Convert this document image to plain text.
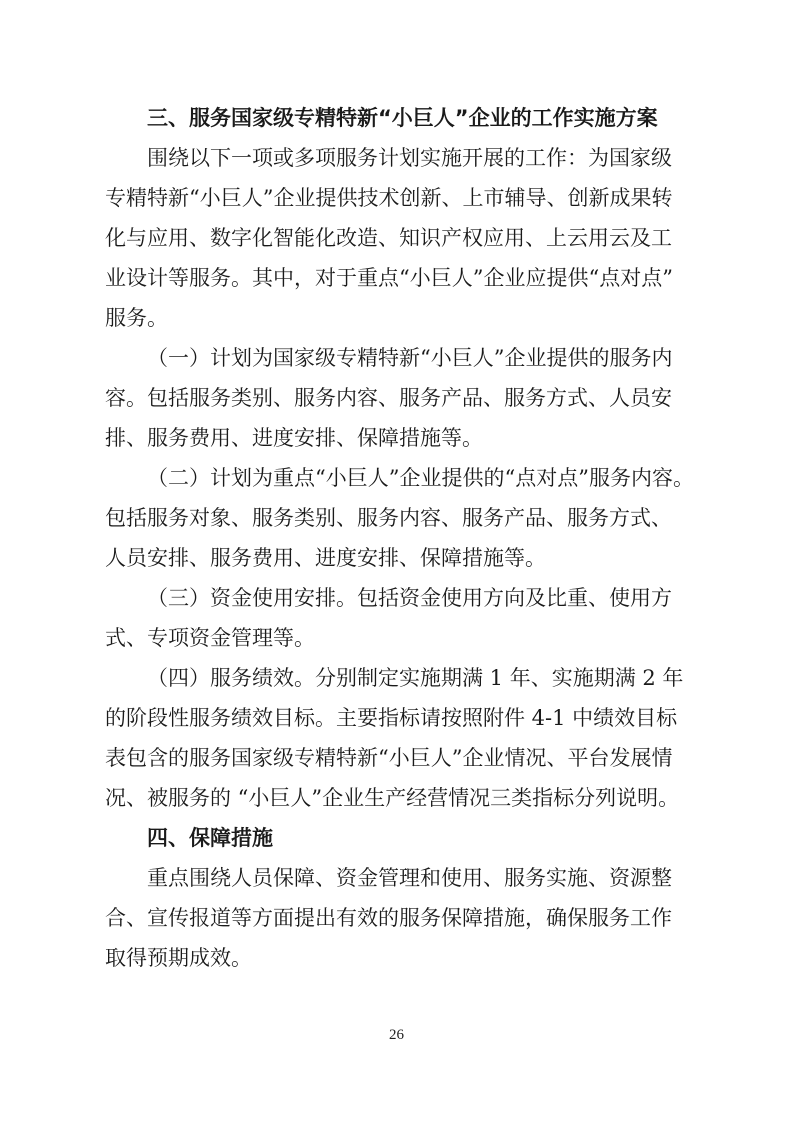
三、服务国家级专精特新“小巨人”企业的工作实施方案
围绕以下一项或多项服务计划实施开展的工作：为国家级
专精特新“小巨人”企业提供技术创新、上市辅导、创新成果转
化与应用、数字化智能化改造、知识产权应用、上云用云及工
业设计等服务。其中，对于重点“小巨人”企业应提供“点对点”
服务。
（一）计划为国家级专精特新“小巨人”企业提供的服务内
容。包括服务类别、服务内容、服务产品、服务方式、人员安
排、服务费用、进度安排、保障措施等。
（二）计划为重点“小巨人”企业提供的“点对点”服务内容。
包括服务对象、服务类别、服务内容、服务产品、服务方式、
人员安排、服务费用、进度安排、保障措施等。
（三）资金使用安排。包括资金使用方向及比重、使用方
式、专项资金管理等。
（四）服务绩效。分别制定实施期满 1 年、实施期满 2 年
的阶段性服务绩效目标。主要指标请按照附件 4-1 中绩效目标
表包含的服务国家级专精特新“小巨人”企业情况、平台发展情
况、被服务的 “小巨人”企业生产经营情况三类指标分列说明。
四、保障措施
重点围绕人员保障、资金管理和使用、服务实施、资源整
合、宣传报道等方面提出有效的服务保障措施，确保服务工作
取得预期成效。
26
